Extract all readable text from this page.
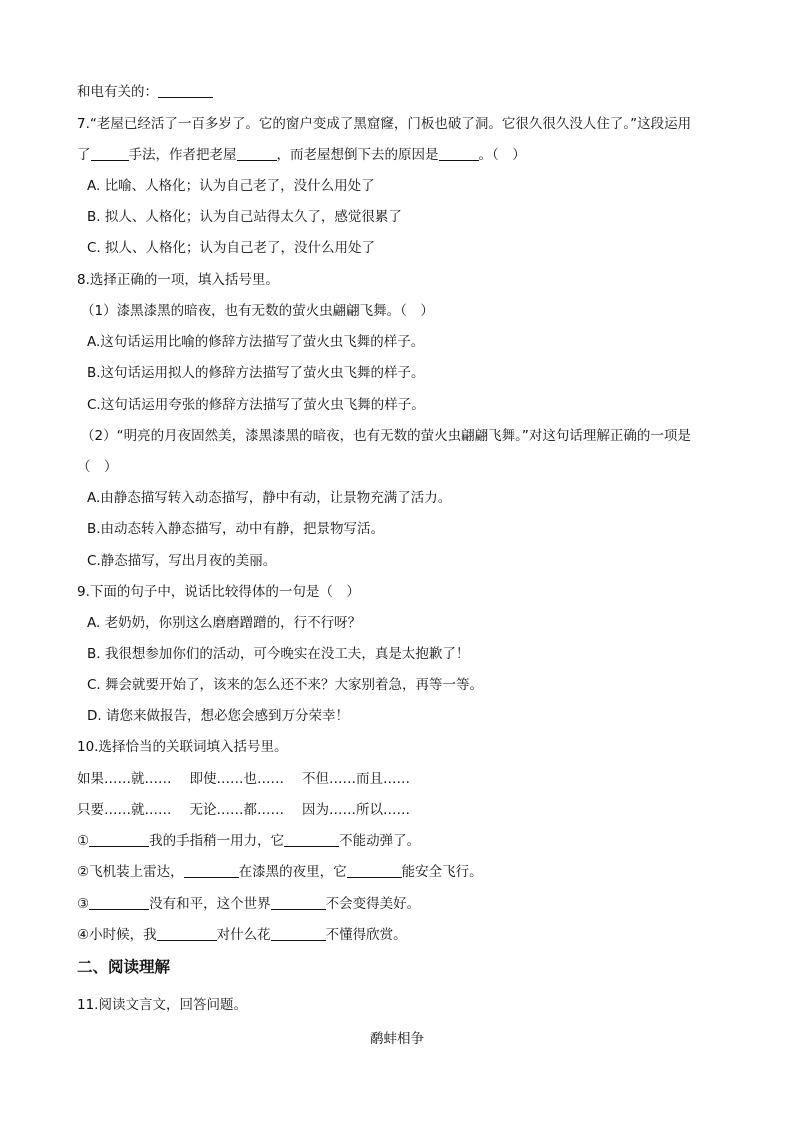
和电有关的：
7.“老屋已经活了一百多岁了。它的窗户变成了黑窟窿，门板也破了洞。它很久很久没人住了。”这段运用
了	手法，作者把老屋	，而老屋想倒下去的原因是	。（　）
A. 比喻、人格化；认为自己老了，没什么用处了
B. 拟人、人格化；认为自己站得太久了，感觉很累了
C. 拟人、人格化；认为自己老了，没什么用处了
8.选择正确的一项，填入括号里。
（1）漆黑漆黑的暗夜，也有无数的萤火虫翩翩飞舞。（　）
A.这句话运用比喻的修辞方法描写了萤火虫飞舞的样子。
B.这句话运用拟人的修辞方法描写了萤火虫飞舞的样子。
C.这句话运用夸张的修辞方法描写了萤火虫飞舞的样子。
（2）“明亮的月夜固然美，漆黑漆黑的暗夜，也有无数的萤火虫翩翩飞舞。”对这句话理解正确的一项是
（　）
A.由静态描写转入动态描写，静中有动，让景物充满了活力。
B.由动态转入静态描写，动中有静，把景物写活。
C.静态描写，写出月夜的美丽。
9.下面的句子中，说话比较得体的一句是（　）
A. 老奶奶，你别这么磨磨蹭蹭的，行不行呀？
B. 我很想参加你们的活动，可今晚实在没工夫，真是太抱歉了！
C. 舞会就要开始了，该来的怎么还不来？大家别着急，再等一等。
D. 请您来做报告，想必您会感到万分荣幸！
10.选择恰当的关联词填入括号里。
如果……就…… 即使……也…… 不但……而且……
只要……就…… 无论……都…… 因为……所以……
①	我的手指稍一用力，它	不能动弹了。
②飞机装上雷达，	在漆黑的夜里，它	能安全飞行。
③	没有和平，这个世界	不会变得美好。
④小时候，我	对什么花	不懂得欣赏。
二、阅读理解
11.阅读文言文，回答问题。
鹬蚌相争
